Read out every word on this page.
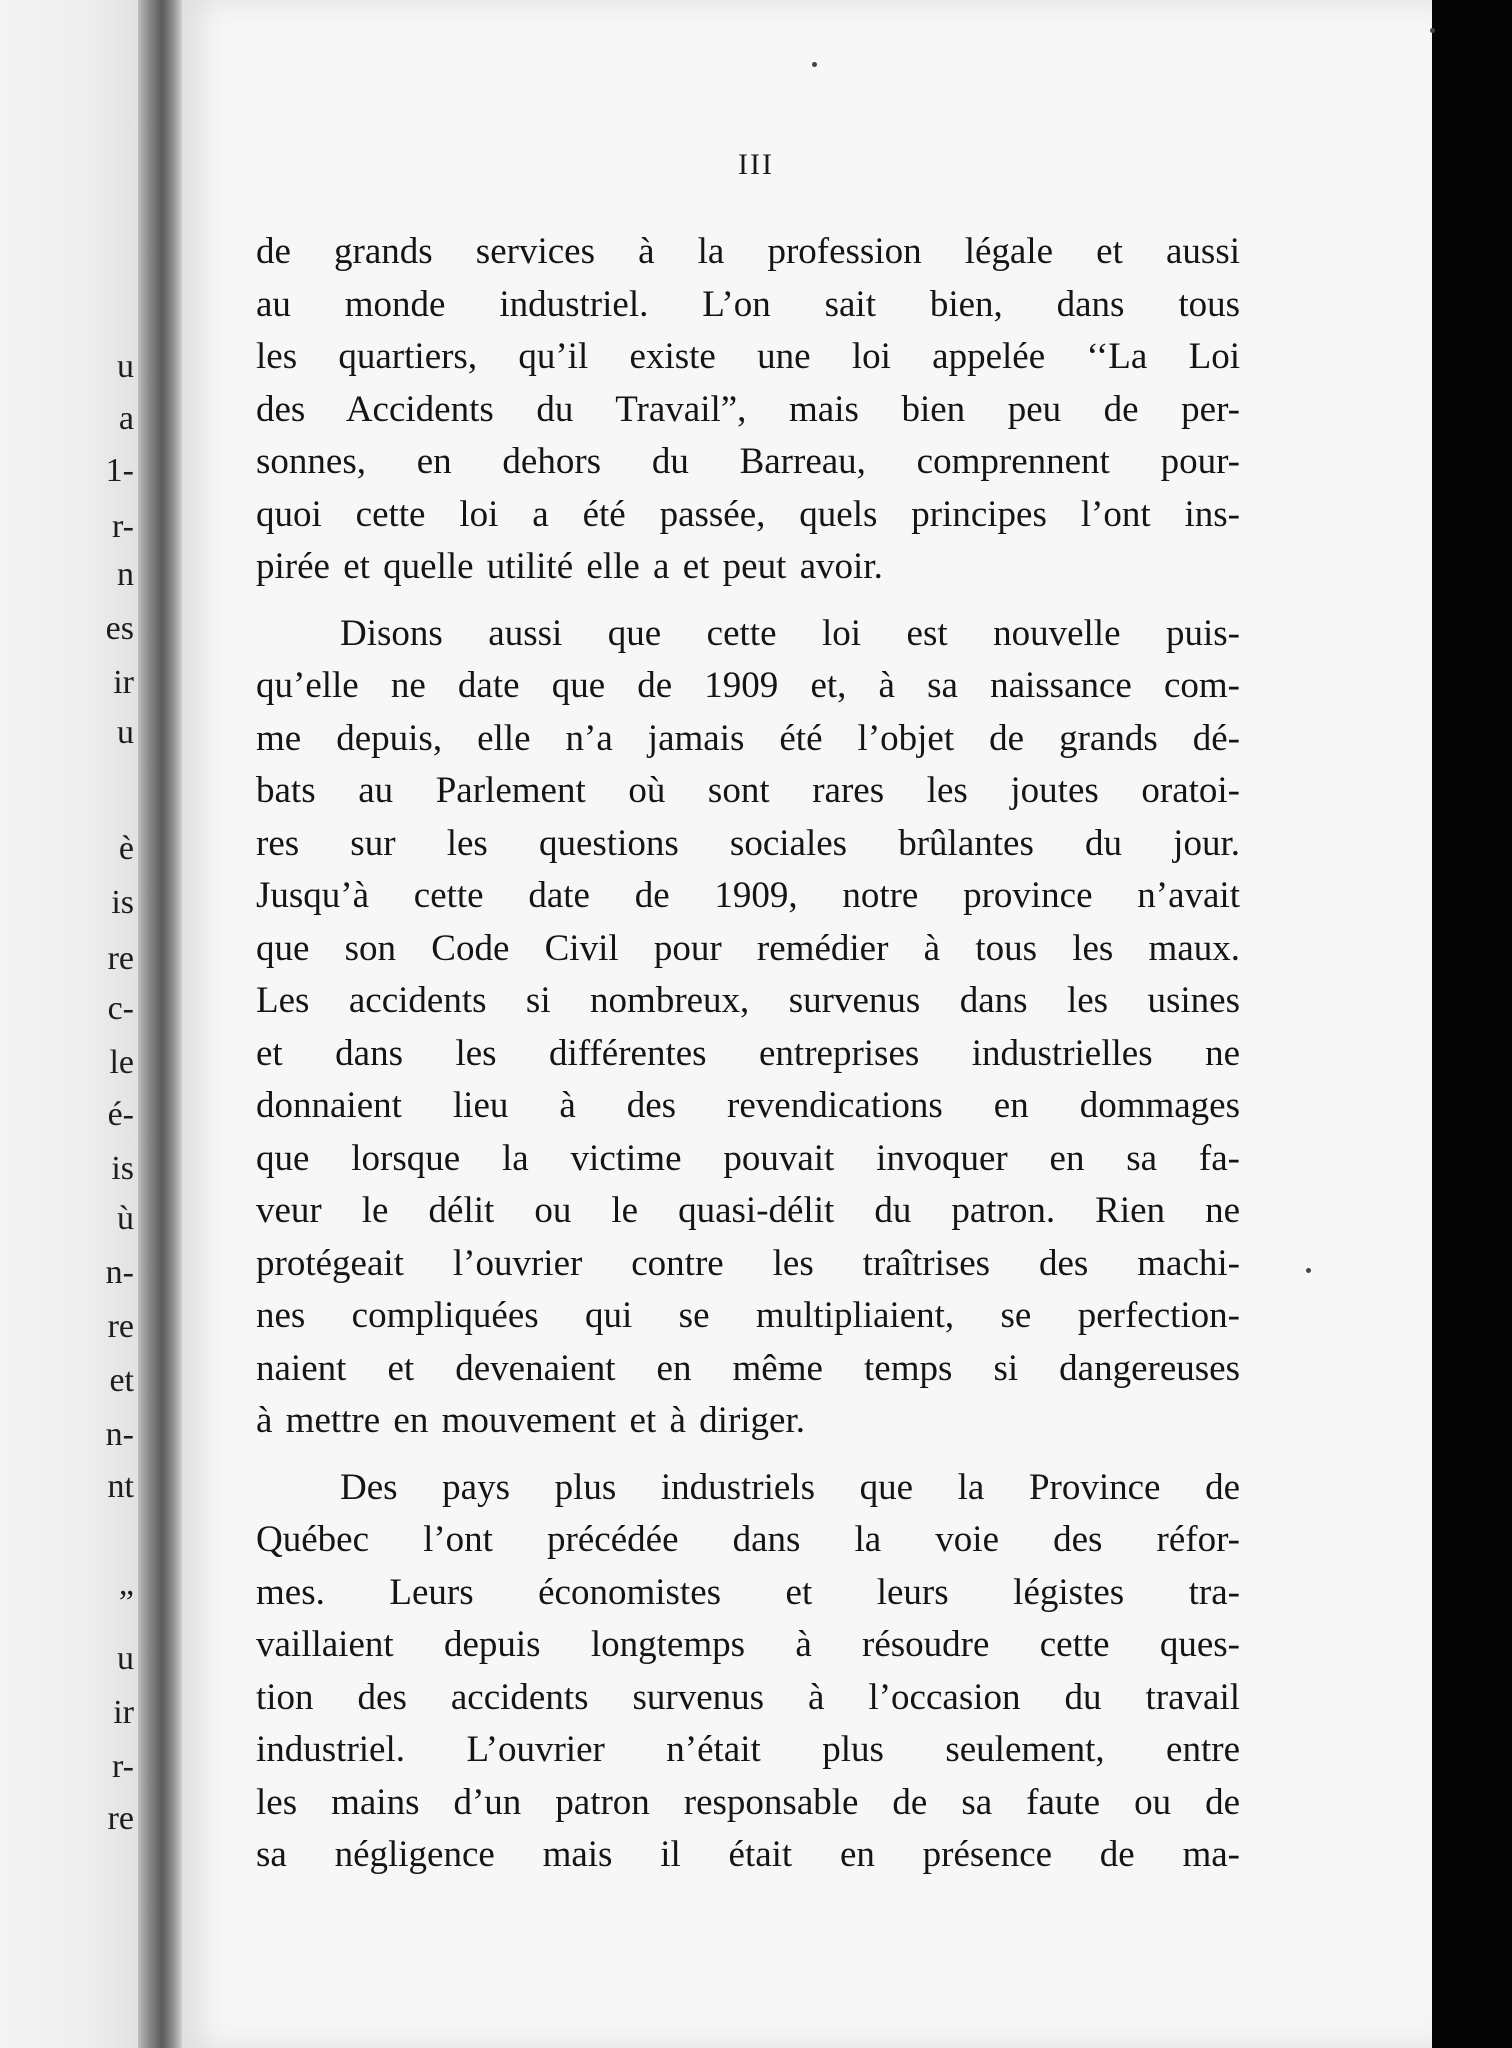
u
a
1-
r-
n
es
ir
u
è
is
re
c-
le
é-
is
ù
n-
re
et
n-
nt
”
u
ir
r-
re
III
de grands services à la profession légale et aussi
au monde industriel. L’on sait bien, dans tous
les quartiers, qu’il existe une loi appelée ‘‘La Loi
des Accidents du Travail”, mais bien peu de per-
sonnes, en dehors du Barreau, comprennent pour-
quoi cette loi a été passée, quels principes l’ont ins-
pirée et quelle utilité elle a et peut avoir.
Disons aussi que cette loi est nouvelle puis-
qu’elle ne date que de 1909 et, à sa naissance com-
me depuis, elle n’a jamais été l’objet de grands dé-
bats au Parlement où sont rares les joutes oratoi-
res sur les questions sociales brûlantes du jour.
Jusqu’à cette date de 1909, notre province n’avait
que son Code Civil pour remédier à tous les maux.
Les accidents si nombreux, survenus dans les usines
et dans les différentes entreprises industrielles ne
donnaient lieu à des revendications en dommages
que lorsque la victime pouvait invoquer en sa fa-
veur le délit ou le quasi-délit du patron. Rien ne
protégeait l’ouvrier contre les traîtrises des machi-
nes compliquées qui se multipliaient, se perfection-
naient et devenaient en même temps si dangereuses
à mettre en mouvement et à diriger.
Des pays plus industriels que la Province de
Québec l’ont précédée dans la voie des réfor-
mes. Leurs économistes et leurs légistes tra-
vaillaient depuis longtemps à résoudre cette ques-
tion des accidents survenus à l’occasion du travail
industriel. L’ouvrier n’était plus seulement, entre
les mains d’un patron responsable de sa faute ou de
sa négligence mais il était en présence de ma-
